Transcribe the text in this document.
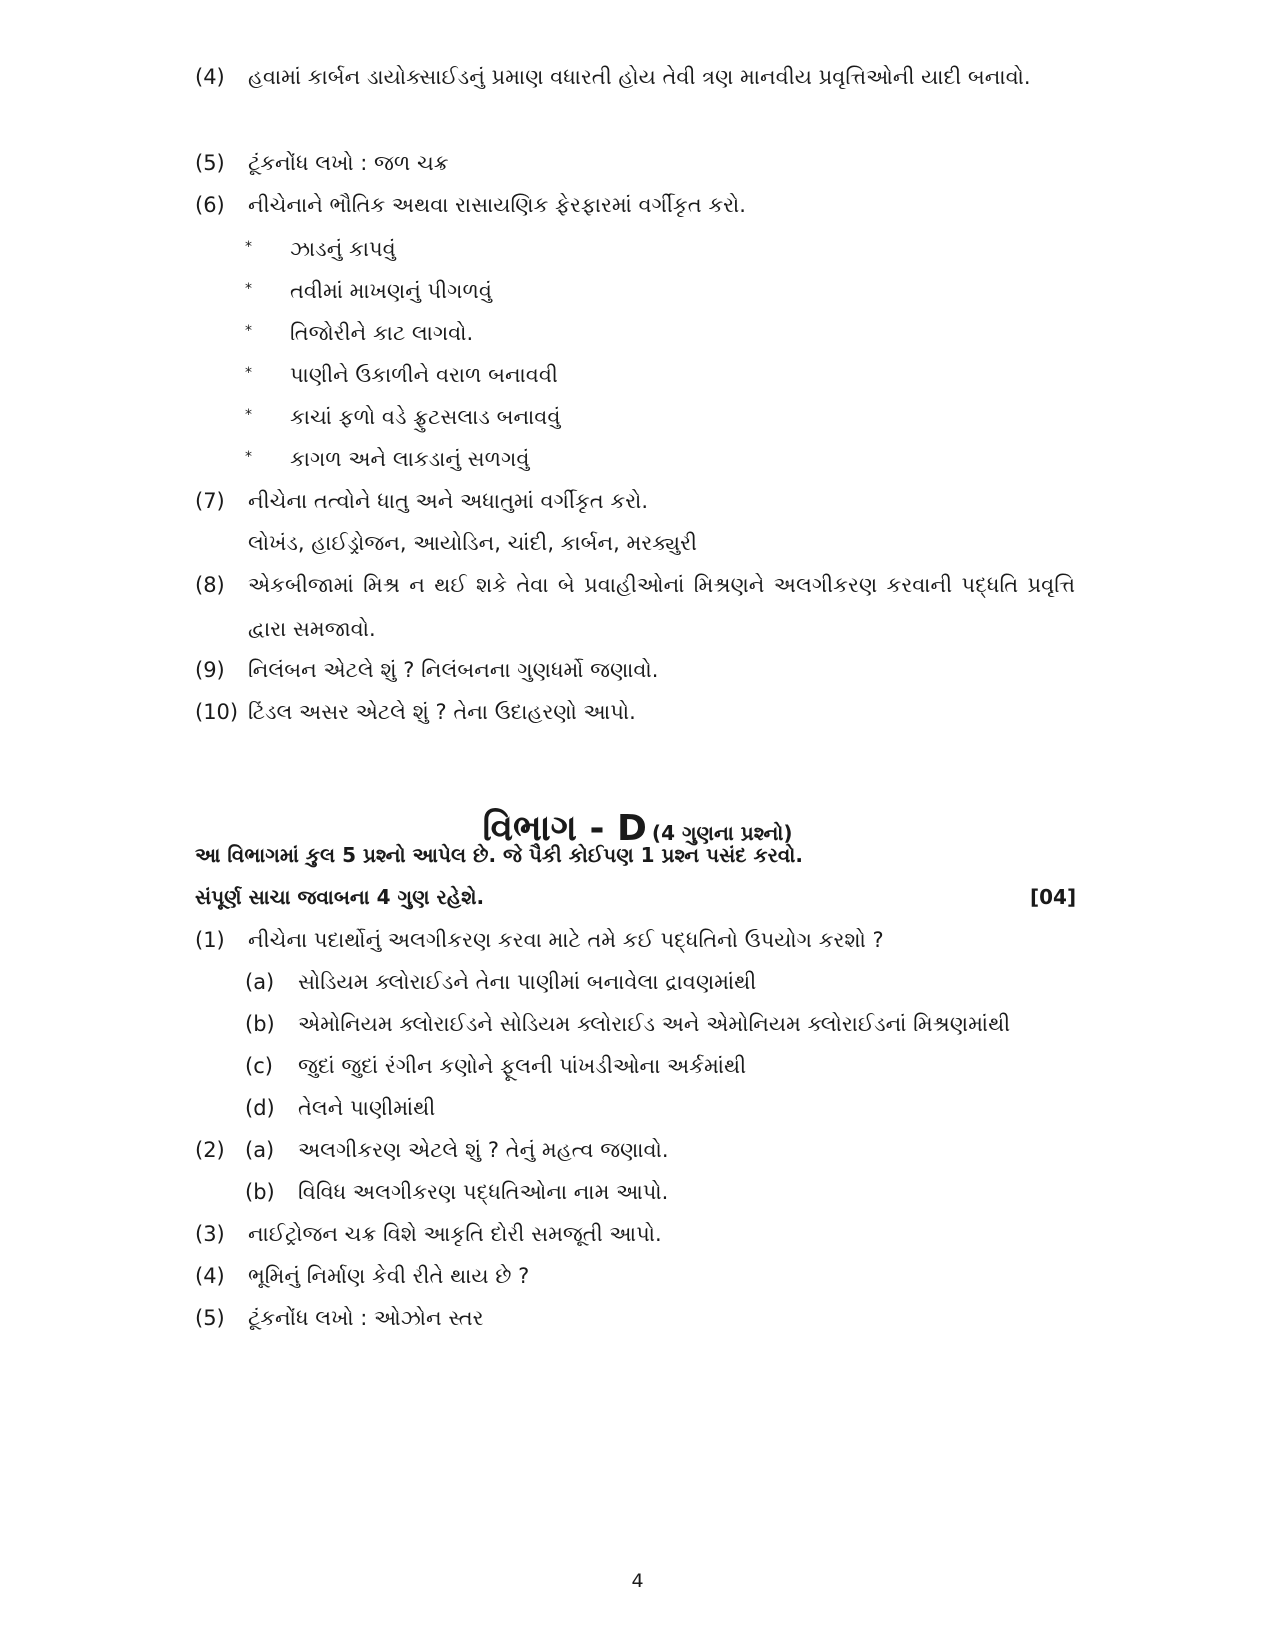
(4) હવામાં કાર્બન ડાયોક્સાઈડનું પ્રમાણ વધારતી હોય તેવી ત્રણ માનવીય પ્રવૃત્તિઓની યાદી બનાવો.
(5) ટૂંકનોંધ લખો : જળ ચક્ર
(6) નીચેનાને ભૌતિક અથવા રાસાયણિક ફેરફારમાં વર્ગીકૃત કરો.
* ઝાડનું કાપવું
* તવીમાં માખણનું પીગળવું
* તિજોરીને કાટ લાગવો.
* પાણીને ઉકાળીને વરાળ બનાવવી
* કાચાં ફળો વડે ફ્રુટસલાડ બનાવવું
* કાગળ અને લાકડાનું સળગવું
(7) નીચેના તત્વોને ધાતુ અને અધાતુમાં વર્ગીકૃત કરો.
લોખંડ, હાઈડ્રોજન, આયોડિન, ચાંદી, કાર્બન, મરક્યુરી
(8) એકબીજામાં મિશ્ર ન થઈ શકે તેવા બે પ્રવાહીઓનાં મિશ્રણને અલગીકરણ કરવાની પદ્ધતિ પ્રવૃત્તિ દ્વારા સમજાવો.
(9) નિલંબન એટલે શું ? નિલંબનના ગુણધર્મો જણાવો.
(10) ટિંડલ અસર એટલે શું ? તેના ઉદાહરણો આપો.
વિભાગ - D (4 ગુણના પ્રશ્નો)
આ વિભાગમાં કુલ 5 પ્રશ્નો આપેલ છે. જે પૈકી કોઈપણ 1 પ્રશ્ન પસંદ કરવો.
સંપૂર્ણ સાચા જવાબના 4 ગુણ રહેશે.	[04]
(1) નીચેના પદાર્થોનું અલગીકરણ કરવા માટે તમે કઈ પદ્ધતિનો ઉપયોગ કરશો ?
(a) સોડિયમ ક્લોરાઈડને તેના પાણીમાં બનાવેલા દ્રાવણમાંથી
(b) એમોનિયમ ક્લોરાઈડને સોડિયમ ક્લોરાઈડ અને એમોનિયમ ક્લોરાઈડનાં મિશ્રણમાંથી
(c) જુદાં જુદાં રંગીન કણોને ફૂલની પાંખડીઓના અર્કમાંથી
(d) તેલને પાણીમાંથી
(2) (a) અલગીકરણ એટલે શું ? તેનું મહત્વ જણાવો.
(b) વિવિધ અલગીકરણ પદ્ધતિઓના નામ આપો.
(3) નાઈટ્રોજન ચક્ર વિશે આકૃતિ દોરી સમજૂતી આપો.
(4) ભૂમિનું નિર્માણ કેવી રીતે થાય છે ?
(5) ટૂંકનોંધ લખો : ઓઝોન સ્તર
4
